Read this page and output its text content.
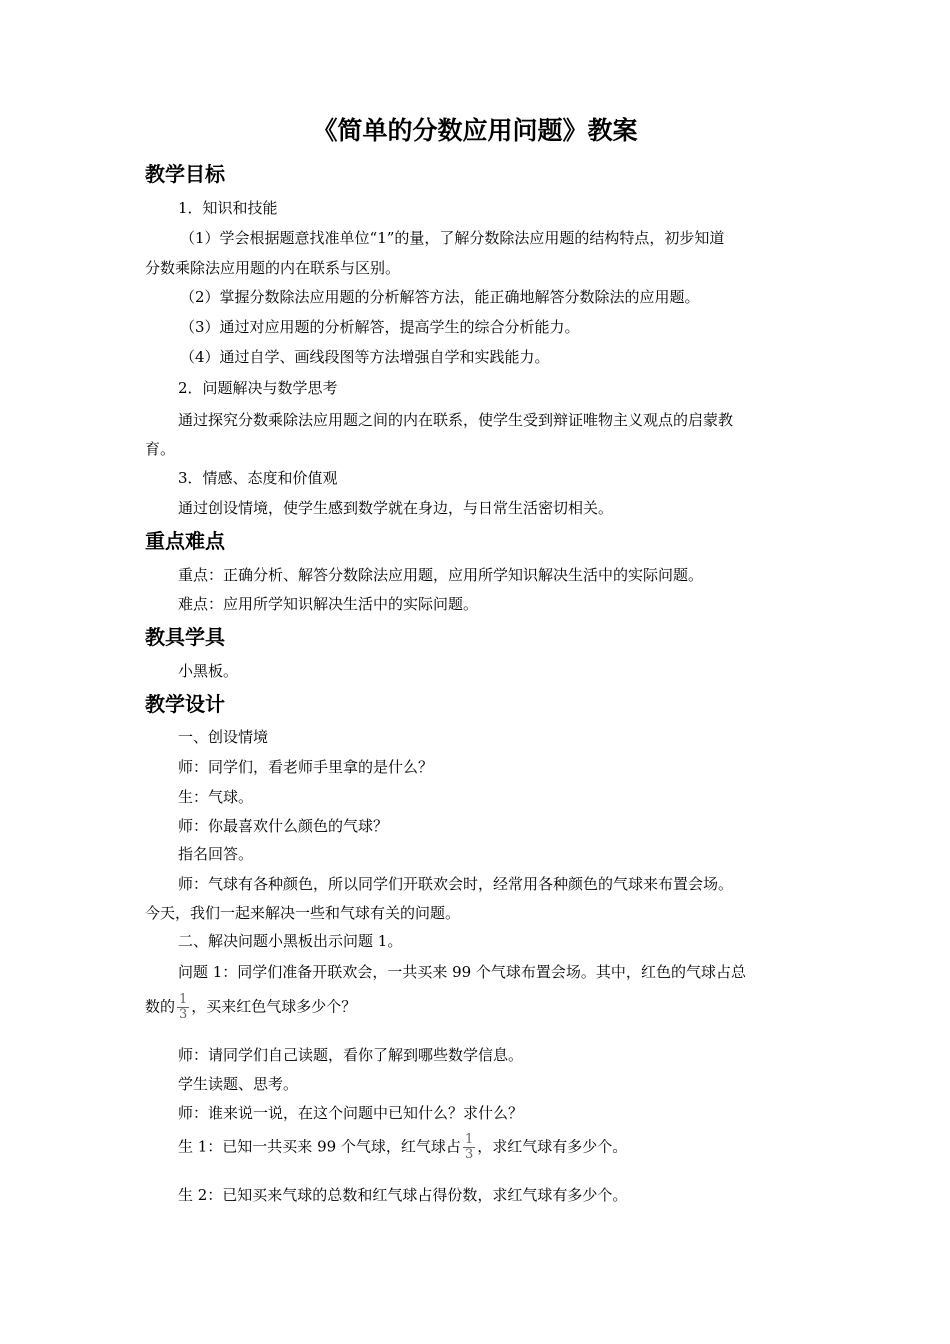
《简单的分数应用问题》教案
教学目标
1．知识和技能
（1）学会根据题意找准单位“1”的量，了解分数除法应用题的结构特点，初步知道
分数乘除法应用题的内在联系与区别。
（2）掌握分数除法应用题的分析解答方法，能正确地解答分数除法的应用题。
（3）通过对应用题的分析解答，提高学生的综合分析能力。
（4）通过自学、画线段图等方法增强自学和实践能力。
2．问题解决与数学思考
通过探究分数乘除法应用题之间的内在联系，使学生受到辩证唯物主义观点的启蒙教
育。
3．情感、态度和价值观
通过创设情境，使学生感到数学就在身边，与日常生活密切相关。
重点难点
重点：正确分析、解答分数除法应用题，应用所学知识解决生活中的实际问题。
难点：应用所学知识解决生活中的实际问题。
教具学具
小黑板。
教学设计
一、创设情境
师：同学们，看老师手里拿的是什么？
生：气球。
师：你最喜欢什么颜色的气球？
指名回答。
师：气球有各种颜色，所以同学们开联欢会时，经常用各种颜色的气球来布置会场。
今天，我们一起来解决一些和气球有关的问题。
二、解决问题小黑板出示问题 1。
问题 1：同学们准备开联欢会，一共买来 99 个气球布置会场。其中，红色的气球占总
数的 $\frac{1}{3}$ ，买来红色气球多少个？
师：请同学们自己读题，看你了解到哪些数学信息。
学生读题、思考。
师：谁来说一说，在这个问题中已知什么？求什么？
生 1：已知一共买来 99 个气球，红气球占 $\frac{1}{3}$ ，求红气球有多少个。
生 2：已知买来气球的总数和红气球占得份数，求红气球有多少个。
